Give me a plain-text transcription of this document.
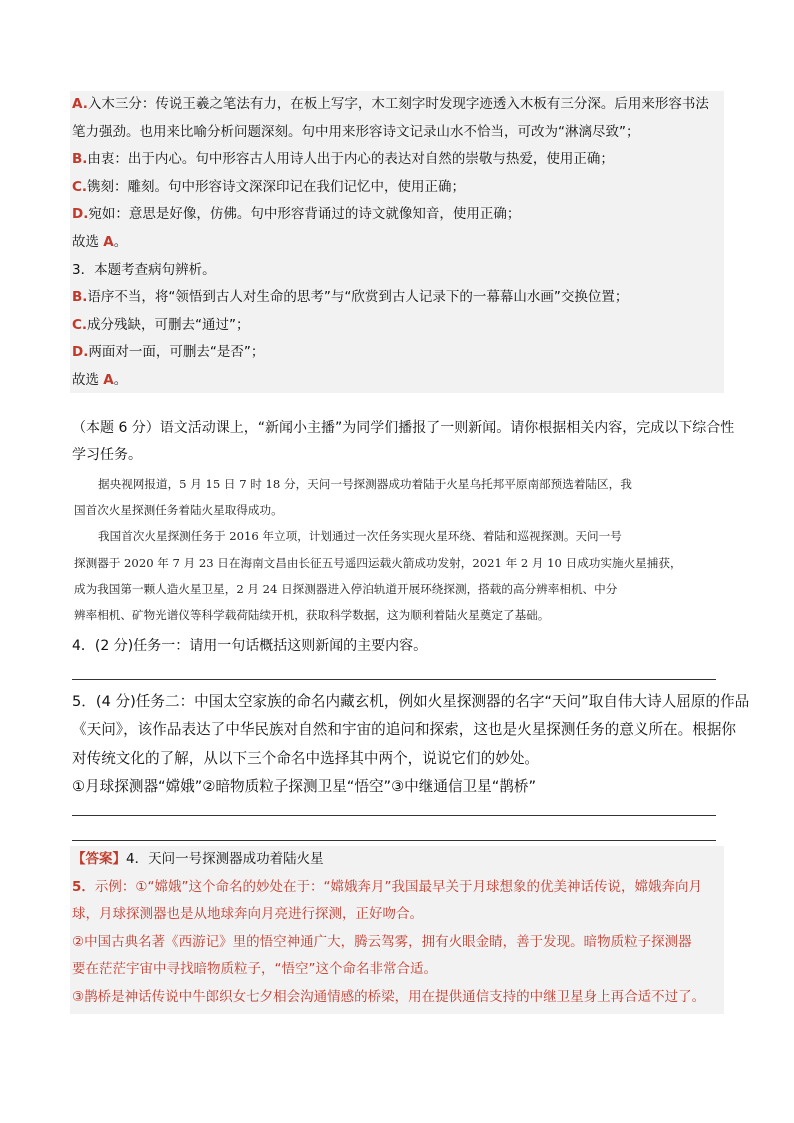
A.入木三分：传说王羲之笔法有力，在板上写字，木工刻字时发现字迹透入木板有三分深。后用来形容书法
笔力强劲。也用来比喻分析问题深刻。句中用来形容诗文记录山水不恰当，可改为“淋漓尽致”；
B.由衷：出于内心。句中形容古人用诗人出于内心的表达对自然的崇敬与热爱，使用正确；
C.镌刻：雕刻。句中形容诗文深深印记在我们记忆中，使用正确；
D.宛如：意思是好像，仿佛。句中形容背诵过的诗文就像知音，使用正确；
故选 A。
3．本题考查病句辨析。
B.语序不当，将“领悟到古人对生命的思考”与“欣赏到古人记录下的一幕幕山水画”交换位置；
C.成分残缺，可删去“通过”；
D.两面对一面，可删去“是否”；
故选 A。
（本题 6 分）语文活动课上，“新闻小主播”为同学们播报了一则新闻。请你根据相关内容，完成以下综合性
学习任务。
据央视网报道，5 月 15 日 7 时 18 分，天问一号探测器成功着陆于火星乌托邦平原南部预选着陆区，我
国首次火星探测任务着陆火星取得成功。
我国首次火星探测任务于 2016 年立项，计划通过一次任务实现火星环绕、着陆和巡视探测。天问一号
探测器于 2020 年 7 月 23 日在海南文昌由长征五号遥四运载火箭成功发射，2021 年 2 月 10 日成功实施火星捕获，
成为我国第一颗人造火星卫星，2 月 24 日探测器进入停泊轨道开展环绕探测，搭载的高分辨率相机、中分
辨率相机、矿物光谱仪等科学载荷陆续开机，获取科学数据，这为顺利着陆火星奠定了基础。
4．(2 分)任务一：请用一句话概括这则新闻的主要内容。
5．(4 分)任务二：中国太空家族的命名内藏玄机，例如火星探测器的名字“天问”取自伟大诗人屈原的作品
《天问》，该作品表达了中华民族对自然和宇宙的追问和探索，这也是火星探测任务的意义所在。根据你
对传统文化的了解，从以下三个命名中选择其中两个，说说它们的妙处。
①月球探测器“嫦娥”②暗物质粒子探测卫星“悟空”③中继通信卫星“鹊桥”
【答案】4．天问一号探测器成功着陆火星
5．示例：①“嫦娥”这个命名的妙处在于：“嫦娥奔月”我国最早关于月球想象的优美神话传说，嫦娥奔向月
球，月球探测器也是从地球奔向月亮进行探测，正好吻合。
②中国古典名著《西游记》里的悟空神通广大，腾云驾雾，拥有火眼金睛，善于发现。暗物质粒子探测器
要在茫茫宇宙中寻找暗物质粒子，“悟空”这个命名非常合适。
③鹊桥是神话传说中牛郎织女七夕相会沟通情感的桥梁，用在提供通信支持的中继卫星身上再合适不过了。
